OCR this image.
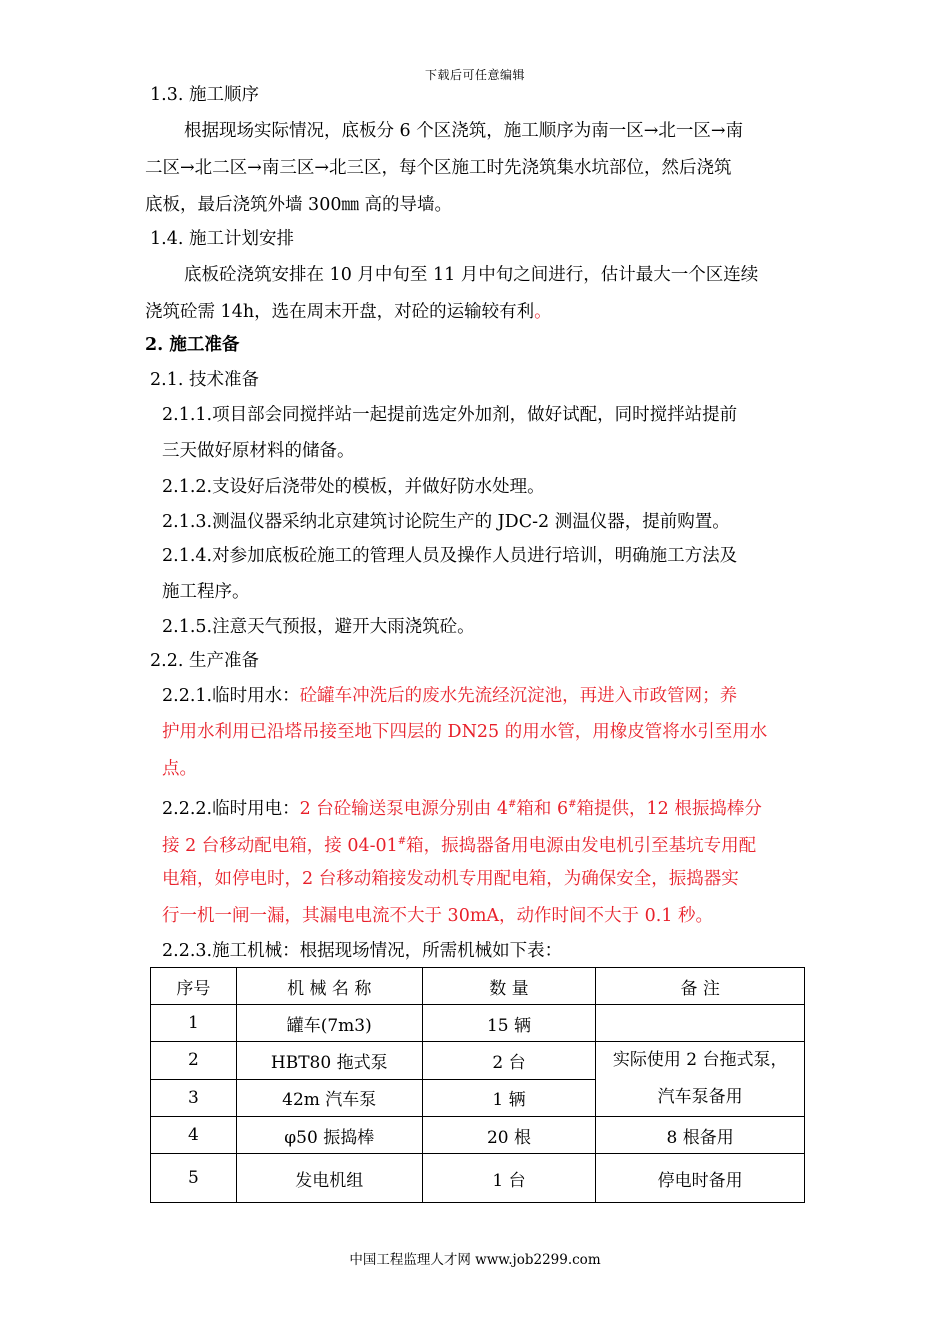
下载后可任意编辑
1.3. 施工顺序
根据现场实际情况，底板分 6 个区浇筑，施工顺序为南一区→北一区→南
二区→北二区→南三区→北三区，每个区施工时先浇筑集水坑部位，然后浇筑
底板，最后浇筑外墙 300㎜ 高的导墙。
1.4. 施工计划安排
底板砼浇筑安排在 10 月中旬至 11 月中旬之间进行，估计最大一个区连续
浇筑砼需 14h，选在周末开盘，对砼的运输较有利。
2. 施工准备
2.1. 技术准备
2.1.1.项目部会同搅拌站一起提前选定外加剂，做好试配，同时搅拌站提前
三天做好原材料的储备。
2.1.2.支设好后浇带处的模板，并做好防水处理。
2.1.3.测温仪器采纳北京建筑讨论院生产的 JDC-2 测温仪器，提前购置。
2.1.4.对参加底板砼施工的管理人员及操作人员进行培训，明确施工方法及
施工程序。
2.1.5.注意天气预报，避开大雨浇筑砼。
2.2. 生产准备
2.2.1.临时用水：砼罐车冲洗后的废水先流经沉淀池，再进入市政管网；养
护用水利用已沿塔吊接至地下四层的 DN25 的用水管，用橡皮管将水引至用水
点。
2.2.2.临时用电：2 台砼输送泵电源分别由 4#箱和 6#箱提供，12 根振捣棒分
接 2 台移动配电箱，接 04-01#箱，振捣器备用电源由发电机引至基坑专用配
电箱，如停电时，2 台移动箱接发动机专用配电箱，为确保安全，振捣器实
行一机一闸一漏，其漏电电流不大于 30mA，动作时间不大于 0.1 秒。
2.2.3.施工机械：根据现场情况，所需机械如下表：
序号	机 械 名 称	数 量	备 注
1	罐车(7m3)	15 辆	
2	HBT80 拖式泵	2 台	实际使用 2 台拖式泵，
汽车泵备用
3	42m 汽车泵	1 辆	
4	φ50 振捣棒	20 根	8 根备用
5	发电机组	1 台	停电时备用
中国工程监理人才网 www.job2299.com
